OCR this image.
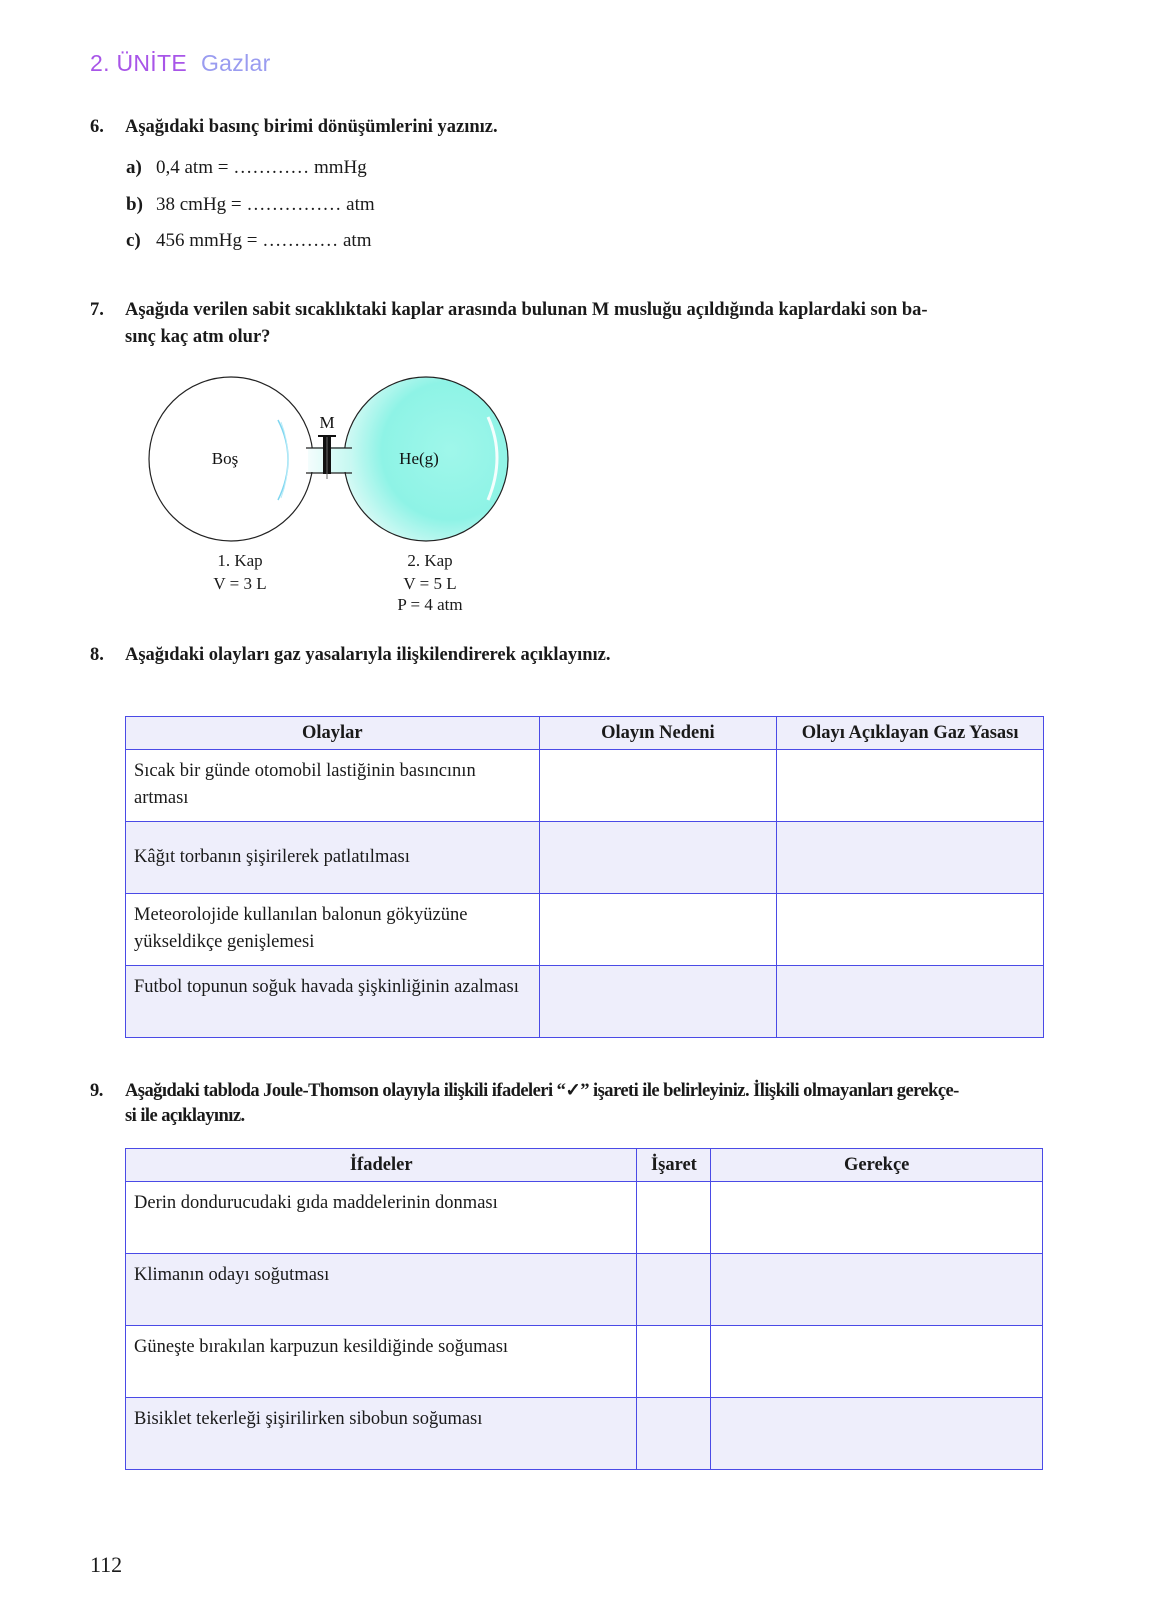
2. ÜNİTE Gazlar
6. Aşağıdaki basınç birimi dönüşümlerini yazınız.
a) 0,4 atm = ………… mmHg
b) 38 cmHg = …………… atm
c) 456 mmHg = ………… atm
7. Aşağıda verilen sabit sıcaklıktaki kaplar arasında bulunan M musluğu açıldığında kaplardaki son ba-
sınç kaç atm olur?
M
Boş	He(g)
1. Kap
V = 3 L
2. Kap
V = 5 L
P = 4 atm
8. Aşağıdaki olayları gaz yasalarıyla ilişkilendirerek açıklayınız.
Olaylar	Olayın Nedeni	Olayı Açıklayan Gaz Yasası
Sıcak bir günde otomobil lastiğinin basıncının artması		
Kâğıt torbanın şişirilerek patlatılması		
Meteorolojide kullanılan balonun gökyüzüne yükseldikçe genişlemesi		
Futbol topunun soğuk havada şişkinliğinin azalması		
9. Aşağıdaki tabloda Joule-Thomson olayıyla ilişkili ifadeleri “✓” işareti ile belirleyiniz. İlişkili olmayanları gerekçe-
si ile açıklayınız.
İfadeler	İşaret	Gerekçe
Derin dondurucudaki gıda maddelerinin donması		
Klimanın odayı soğutması		
Güneşte bırakılan karpuzun kesildiğinde soğuması		
Bisiklet tekerleği şişirilirken sibobun soğuması		
112
